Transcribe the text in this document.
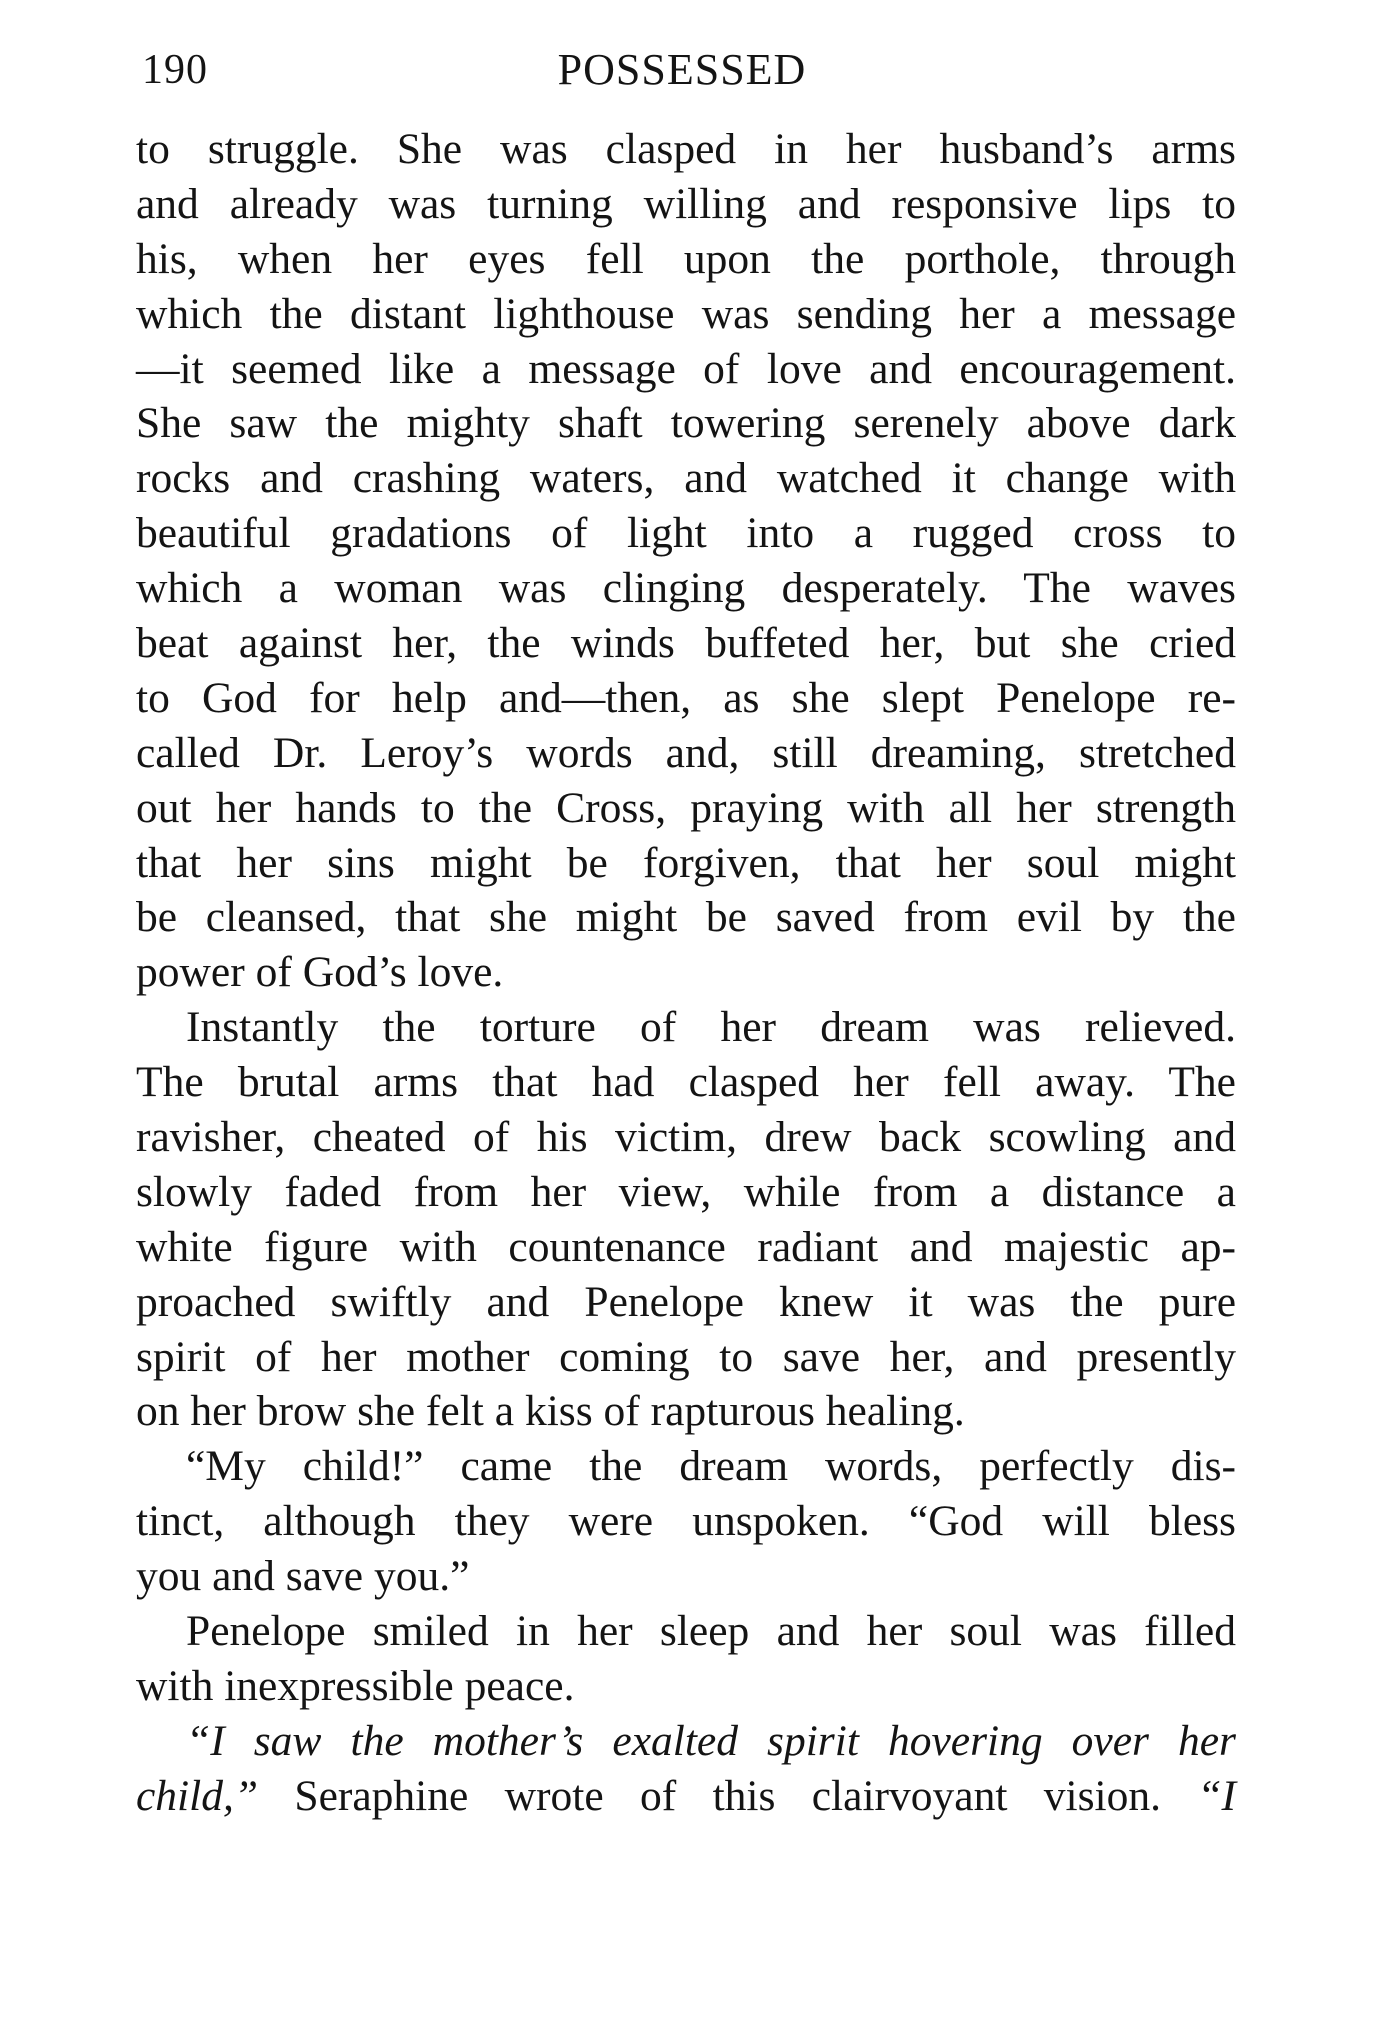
190	POSSESSED
to struggle. She was clasped in her husband’s arms
and already was turning willing and responsive lips to
his, when her eyes fell upon the porthole, through
which the distant lighthouse was sending her a message
—it seemed like a message of love and encouragement.
She saw the mighty shaft towering serenely above dark
rocks and crashing waters, and watched it change with
beautiful gradations of light into a rugged cross to
which a woman was clinging desperately. The waves
beat against her, the winds buffeted her, but she cried
to God for help and—then, as she slept Penelope re-
called Dr. Leroy’s words and, still dreaming, stretched
out her hands to the Cross, praying with all her strength
that her sins might be forgiven, that her soul might
be cleansed, that she might be saved from evil by the
power of God’s love.
Instantly the torture of her dream was relieved.
The brutal arms that had clasped her fell away. The
ravisher, cheated of his victim, drew back scowling and
slowly faded from her view, while from a distance a
white figure with countenance radiant and majestic ap-
proached swiftly and Penelope knew it was the pure
spirit of her mother coming to save her, and presently
on her brow she felt a kiss of rapturous healing.
“My child!” came the dream words, perfectly dis-
tinct, although they were unspoken. “God will bless
you and save you.”
Penelope smiled in her sleep and her soul was filled
with inexpressible peace.
“I saw the mother’s exalted spirit hovering over her
child,” Seraphine wrote of this clairvoyant vision. “I
